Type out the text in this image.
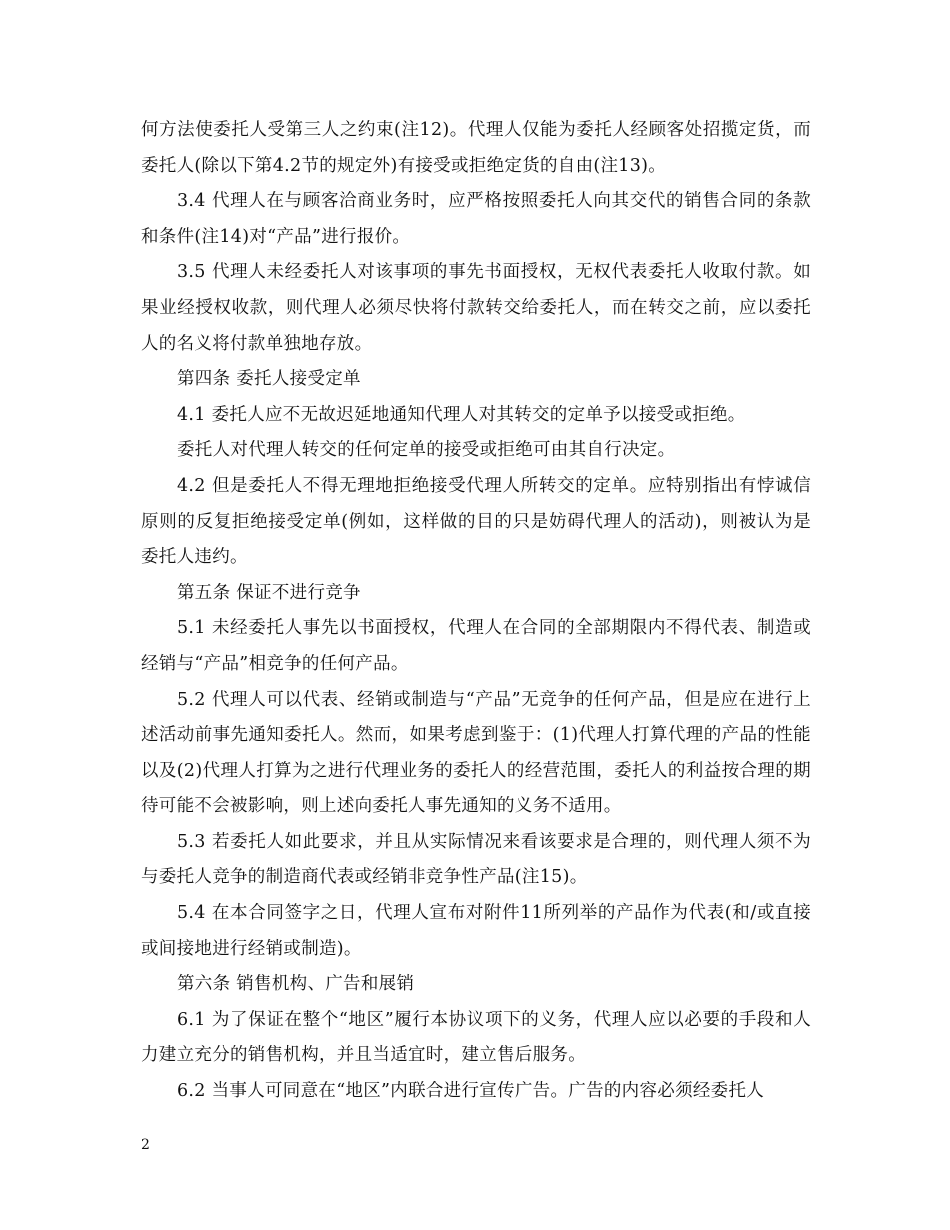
何方法使委托人受第三人之约束(注12)。代理人仅能为委托人经顾客处招揽定货，而委托人(除以下第4.2节的规定外)有接受或拒绝定货的自由(注13)。

3.4 代理人在与顾客洽商业务时，应严格按照委托人向其交代的销售合同的条款和条件(注14)对“产品”进行报价。

3.5 代理人未经委托人对该事项的事先书面授权，无权代表委托人收取付款。如果业经授权收款，则代理人必须尽快将付款转交给委托人，而在转交之前，应以委托人的名义将付款单独地存放。

第四条 委托人接受定单

4.1 委托人应不无故迟延地通知代理人对其转交的定单予以接受或拒绝。

委托人对代理人转交的任何定单的接受或拒绝可由其自行决定。

4.2 但是委托人不得无理地拒绝接受代理人所转交的定单。应特别指出有悖诚信原则的反复拒绝接受定单(例如，这样做的目的只是妨碍代理人的活动)，则被认为是委托人违约。

第五条 保证不进行竞争

5.1 未经委托人事先以书面授权，代理人在合同的全部期限内不得代表、制造或经销与“产品”相竞争的任何产品。

5.2 代理人可以代表、经销或制造与“产品”无竞争的任何产品，但是应在进行上述活动前事先通知委托人。然而，如果考虑到鉴于：(1)代理人打算代理的产品的性能以及(2)代理人打算为之进行代理业务的委托人的经营范围，委托人的利益按合理的期待可能不会被影响，则上述向委托人事先通知的义务不适用。

5.3 若委托人如此要求，并且从实际情况来看该要求是合理的，则代理人须不为与委托人竞争的制造商代表或经销非竞争性产品(注15)。

5.4 在本合同签字之日，代理人宣布对附件11所列举的产品作为代表(和/或直接或间接地进行经销或制造)。

第六条 销售机构、广告和展销

6.1 为了保证在整个“地区”履行本协议项下的义务，代理人应以必要的手段和人力建立充分的销售机构，并且当适宜时，建立售后服务。

6.2 当事人可同意在“地区”内联合进行宣传广告。广告的内容必须经委托人

2
